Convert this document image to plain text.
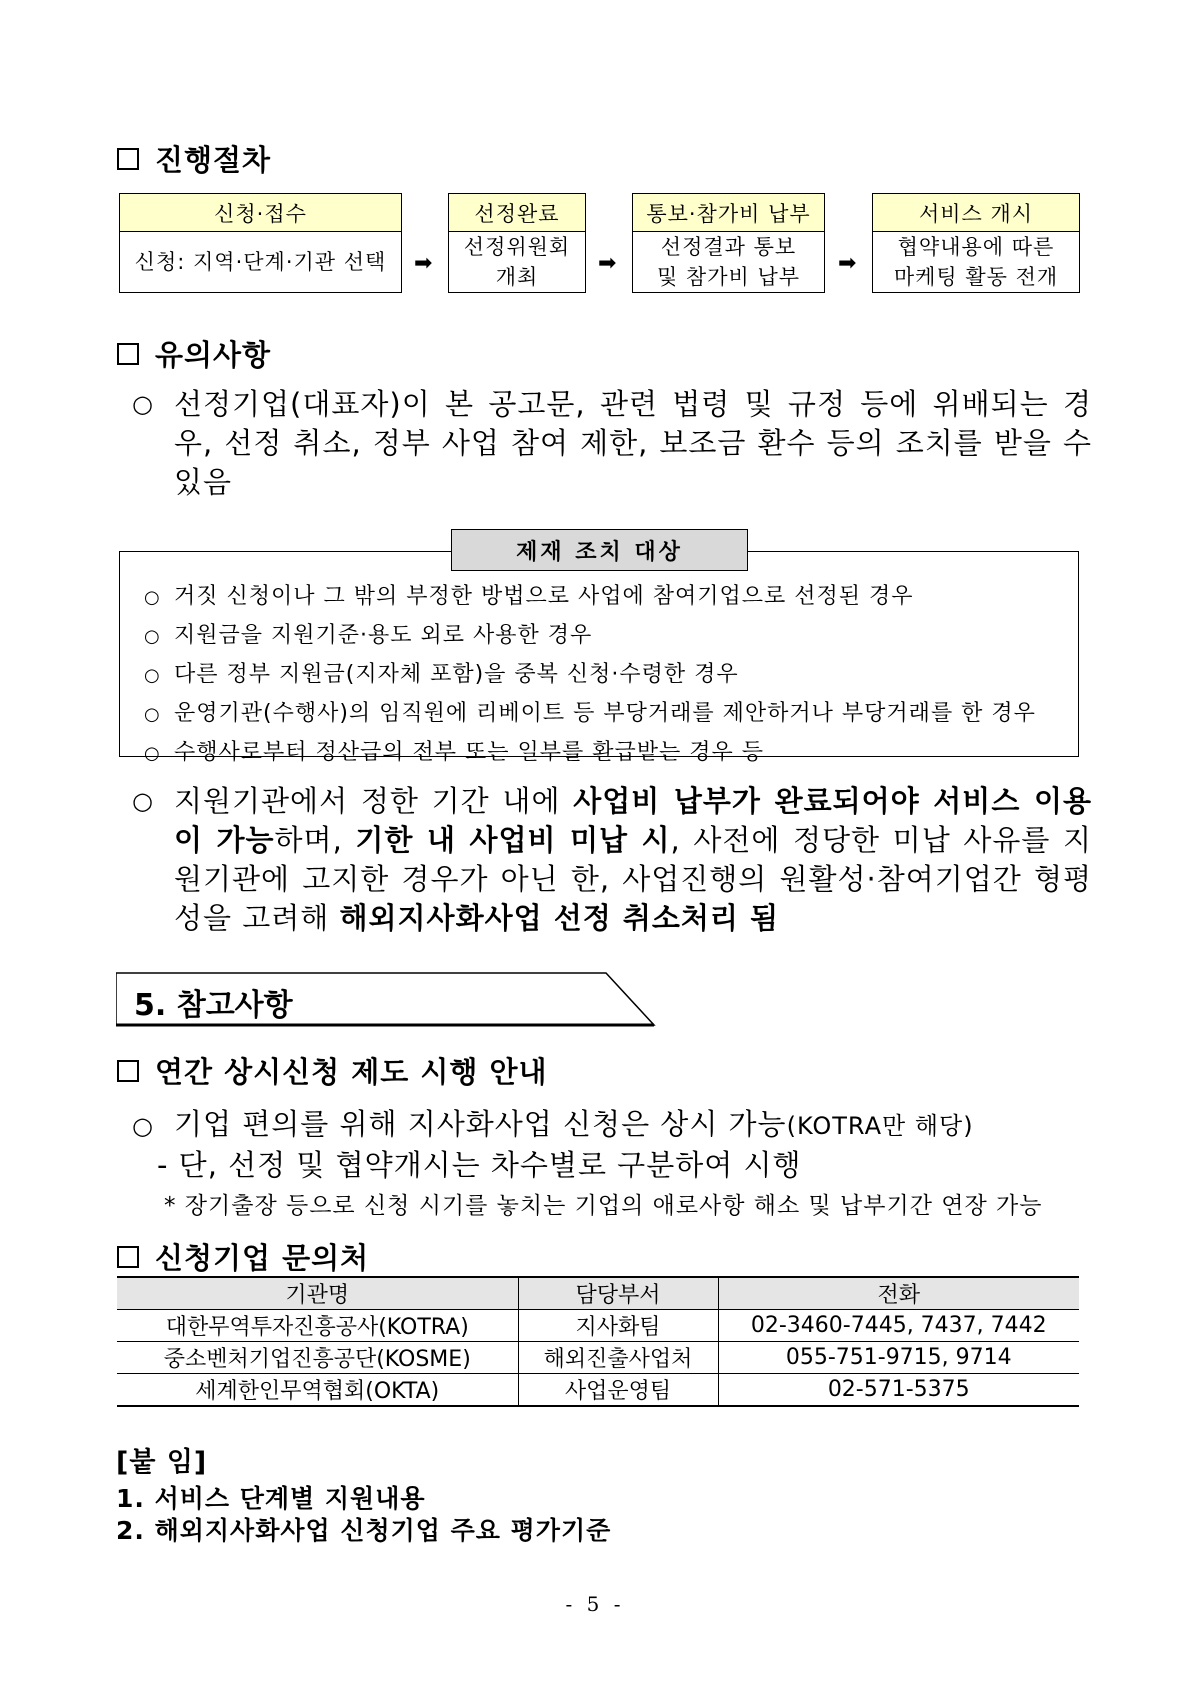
진행절차
신청·접수
신청: 지역·단계·기관 선택	➡
선정완료
선정위원회
개최
➡
통보·참가비 납부
선정결과 통보
및 참가비 납부
➡
서비스 개시
협약내용에 따른
마케팅 활동 전개
유의사항
○ 선정기업(대표자)이 본 공고문, 관련 법령 및 규정 등에 위배되는 경우, 선정 취소, 정부 사업 참여 제한, 보조금 환수 등의 조치를 받을 수 있음
제재 조치 대상
○ 거짓 신청이나 그 밖의 부정한 방법으로 사업에 참여기업으로 선정된 경우
○ 지원금을 지원기준·용도 외로 사용한 경우
○ 다른 정부 지원금(지자체 포함)을 중복 신청·수령한 경우
○ 운영기관(수행사)의 임직원에 리베이트 등 부당거래를 제안하거나 부당거래를 한 경우
○ 수행사로부터 정산금의 전부 또는 일부를 환급받는 경우 등
○ 지원기관에서 정한 기간 내에 사업비 납부가 완료되어야 서비스 이용이 가능하며, 기한 내 사업비 미납 시, 사전에 정당한 미납 사유를 지원기관에 고지한 경우가 아닌 한, 사업진행의 원활성·참여기업간 형평성을 고려해 해외지사화사업 선정 취소처리 됨
5. 참고사항
연간 상시신청 제도 시행 안내
○ 기업 편의를 위해 지사화사업 신청은 상시 가능(KOTRA만 해당)
- 단, 선정 및 협약개시는 차수별로 구분하여 시행
* 장기출장 등으로 신청 시기를 놓치는 기업의 애로사항 해소 및 납부기간 연장 가능
신청기업 문의처
기관명	담당부서	전화
대한무역투자진흥공사(KOTRA)	지사화팀	02-3460-7445, 7437, 7442
중소벤처기업진흥공단(KOSME)	해외진출사업처	055-751-9715, 9714
세계한인무역협회(OKTA)	사업운영팀	02-571-5375
[붙 임]
1. 서비스 단계별 지원내용
2. 해외지사화사업 신청기업 주요 평가기준
- 5 -
